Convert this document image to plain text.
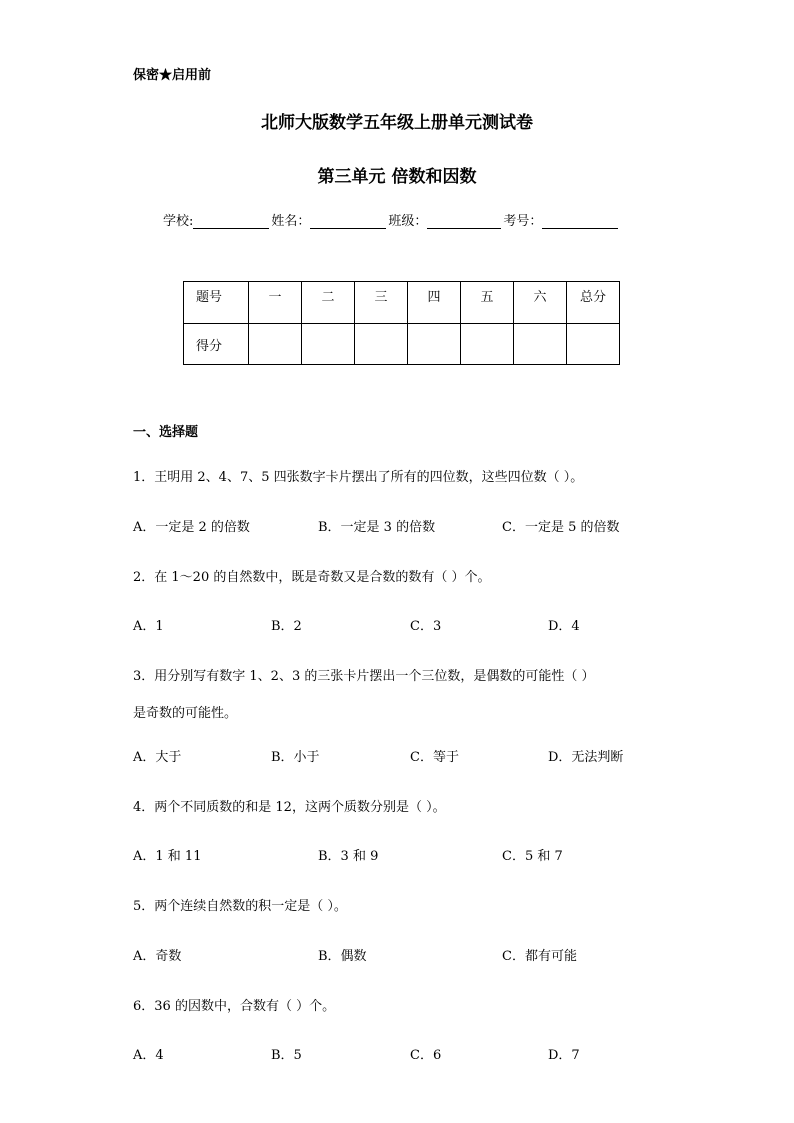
保密★启用前
北师大版数学五年级上册单元测试卷
第三单元 倍数和因数
学校:	姓名：	班级：	考号：
题号	一	二	三	四	五	六	总分
得分							
一、选择题
1．王明用 2、4、7、5 四张数字卡片摆出了所有的四位数，这些四位数（ ）。
A．一定是 2 的倍数	B．一定是 3 的倍数	C．一定是 5 的倍数
2．在 1～20 的自然数中，既是奇数又是合数的数有（ ）个。
A．1	B．2	C．3	D．4
3．用分别写有数字 1、2、3 的三张卡片摆出一个三位数，是偶数的可能性（ ）
是奇数的可能性。
A．大于	B．小于	C．等于	D．无法判断
4．两个不同质数的和是 12，这两个质数分别是（ ）。
A．1 和 11	B．3 和 9	C．5 和 7
5．两个连续自然数的积一定是（ ）。
A．奇数	B．偶数	C．都有可能
6．36 的因数中，合数有（ ）个。
A．4	B．5	C．6	D．7
